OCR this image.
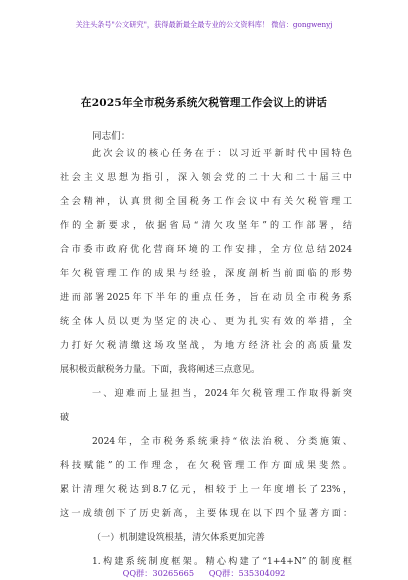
关注头条号"公文研究"，获得最新最全最专业的公文资料库！ 微信：gongwenyj
在2025年全市税务系统欠税管理工作会议上的讲话
同志们：
此次会议的核心任务在于：以习近平新时代中国特色
社会主义思想为指引，深入领会党的二十大和二十届三中
全会精神，认真贯彻全国税务工作会议中有关欠税管理工
作的全新要求，依据省局“清欠攻坚年”的工作部署，结
合市委市政府优化营商环境的工作安排，全方位总结2024
年欠税管理工作的成果与经验，深度剖析当前面临的形势
进而部署2025年下半年的重点任务，旨在动员全市税务系
统全体人员以更为坚定的决心、更为扎实有效的举措，全
力打好欠税清缴这场攻坚战，为地方经济社会的高质量发
展积极贡献税务力量。下面，我将阐述三点意见。
一、迎难而上显担当，2024年欠税管理工作取得新突
破
2024年，全市税务系统秉持“依法治税、分类施策、
科技赋能”的工作理念，在欠税管理工作方面成果斐然。
累计清理欠税达到8.7亿元，相较于上一年度增长了23%，
这一成绩创下了历史新高，主要体现在以下四个显著方面：
（一）机制建设筑根基，清欠体系更加完善
1.构建系统制度框架。精心构建了“1+4+N”的制度框
QQ群：30265665 QQ群：535304092
